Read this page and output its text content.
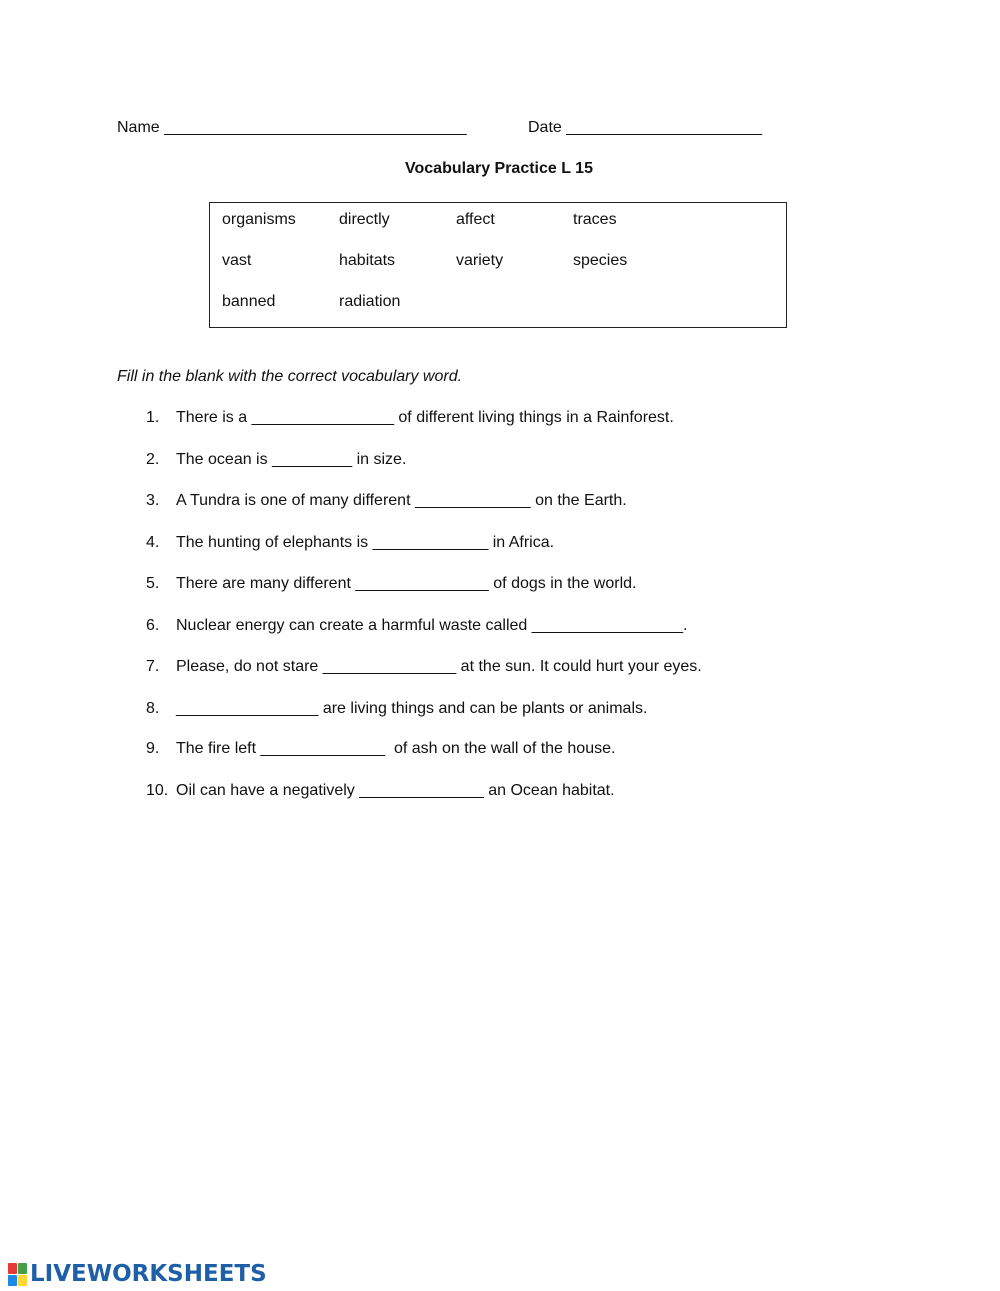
Name __________________________________

	Date ______________________

Vocabulary Practice L 15
organisms	directly	affect	traces
vast	habitats	variety	species
banned	radiation
Fill in the blank with the correct vocabulary word.

1.

There is a ________________ of different living things in a Rainforest.

2.

The ocean is _________ in size.

3.

A Tundra is one of many different _____________ on the Earth.

4.

The hunting of elephants is _____________ in Africa.

5.

There are many different _______________ of dogs in the world.

6.

Nuclear energy can create a harmful waste called _________________.

7.

Please, do not stare _______________ at the sun. It could hurt your eyes.

8.

________________ are living things and can be plants or animals.

9.

The fire left ______________  of ash on the wall of the house.

10.

Oil can have a negatively ______________ an Ocean habitat.

LIVEWORKSHEETS
